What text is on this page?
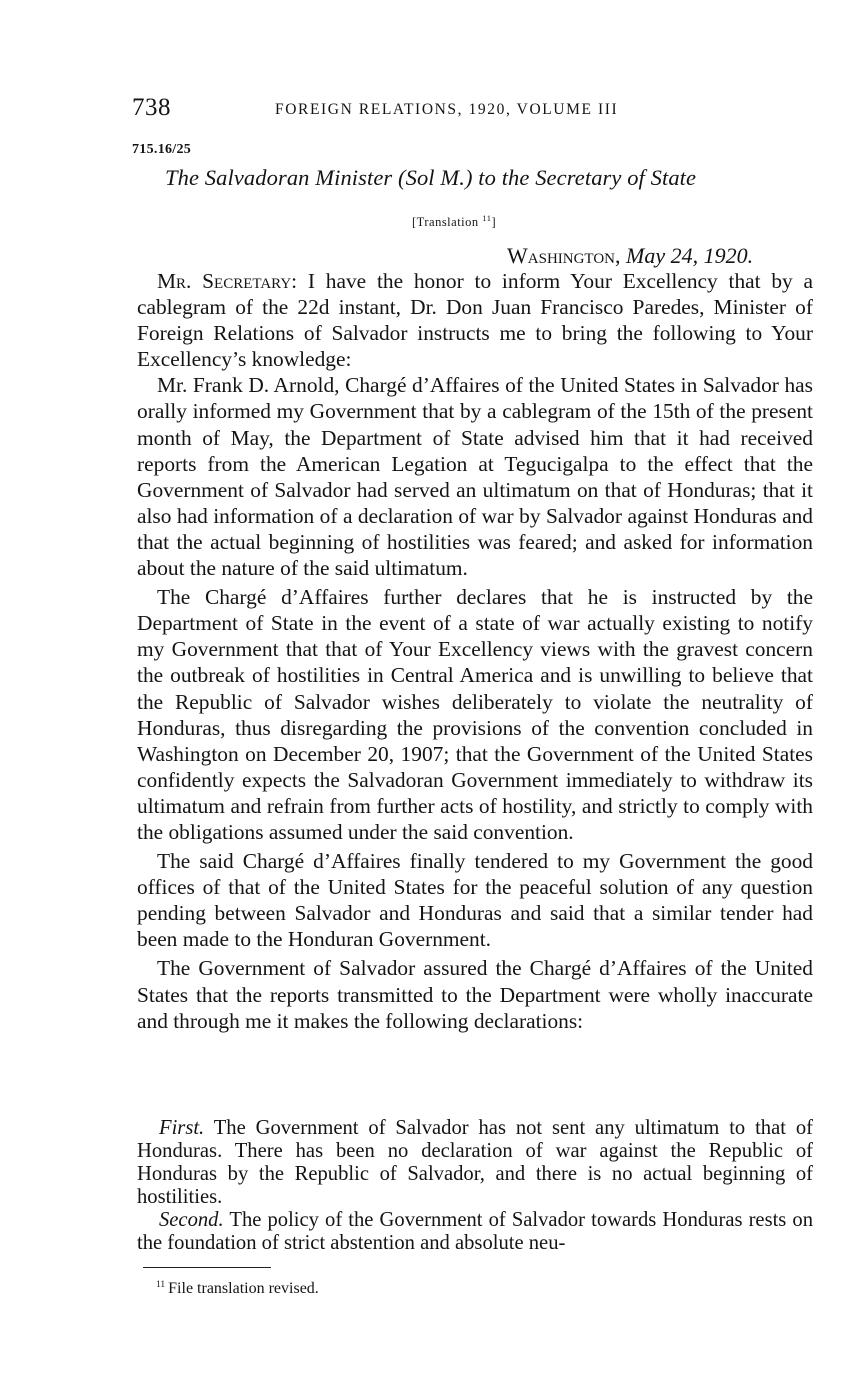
738	FOREIGN RELATIONS, 1920, VOLUME III
715.16/25
The Salvadoran Minister (Sol M.) to the Secretary of State
[Translation $^{11}$]
Washington, May 24, 1920.

Mr. Secretary: I have the honor to inform Your Excellency that by a cablegram of the 22d instant, Dr. Don Juan Francisco Paredes, Minister of Foreign Relations of Salvador instructs me to bring the following to Your Excellency’s knowledge:

Mr. Frank D. Arnold, Chargé d’Affaires of the United States in Salvador has orally informed my Government that by a cablegram of the 15th of the present month of May, the Department of State advised him that it had received reports from the American Legation at Tegucigalpa to the effect that the Government of Salvador had served an ultimatum on that of Honduras; that it also had information of a declaration of war by Salvador against Honduras and that the actual beginning of hostilities was feared; and asked for information about the nature of the said ultimatum.

The Chargé d’Affaires further declares that he is instructed by the Department of State in the event of a state of war actually existing to notify my Government that that of Your Excellency views with the gravest concern the outbreak of hostilities in Central America and is unwilling to believe that the Republic of Salvador wishes deliberately to violate the neutrality of Honduras, thus disregarding the provisions of the convention concluded in Washington on December 20, 1907; that the Government of the United States confidently expects the Salvadoran Government immediately to withdraw its ultimatum and refrain from further acts of hostility, and strictly to comply with the obligations assumed under the said convention.

The said Chargé d’Affaires finally tendered to my Government the good offices of that of the United States for the peaceful solution of any question pending between Salvador and Honduras and said that a similar tender had been made to the Honduran Government.

The Government of Salvador assured the Chargé d’Affaires of the United States that the reports transmitted to the Department were wholly inaccurate and through me it makes the following declarations:

First. The Government of Salvador has not sent any ultimatum to that of Honduras. There has been no declaration of war against the Republic of Honduras by the Republic of Salvador, and there is no actual beginning of hostilities.

Second. The policy of the Government of Salvador towards Honduras rests on the foundation of strict abstention and absolute neu-

$^{11}$ File translation revised.
